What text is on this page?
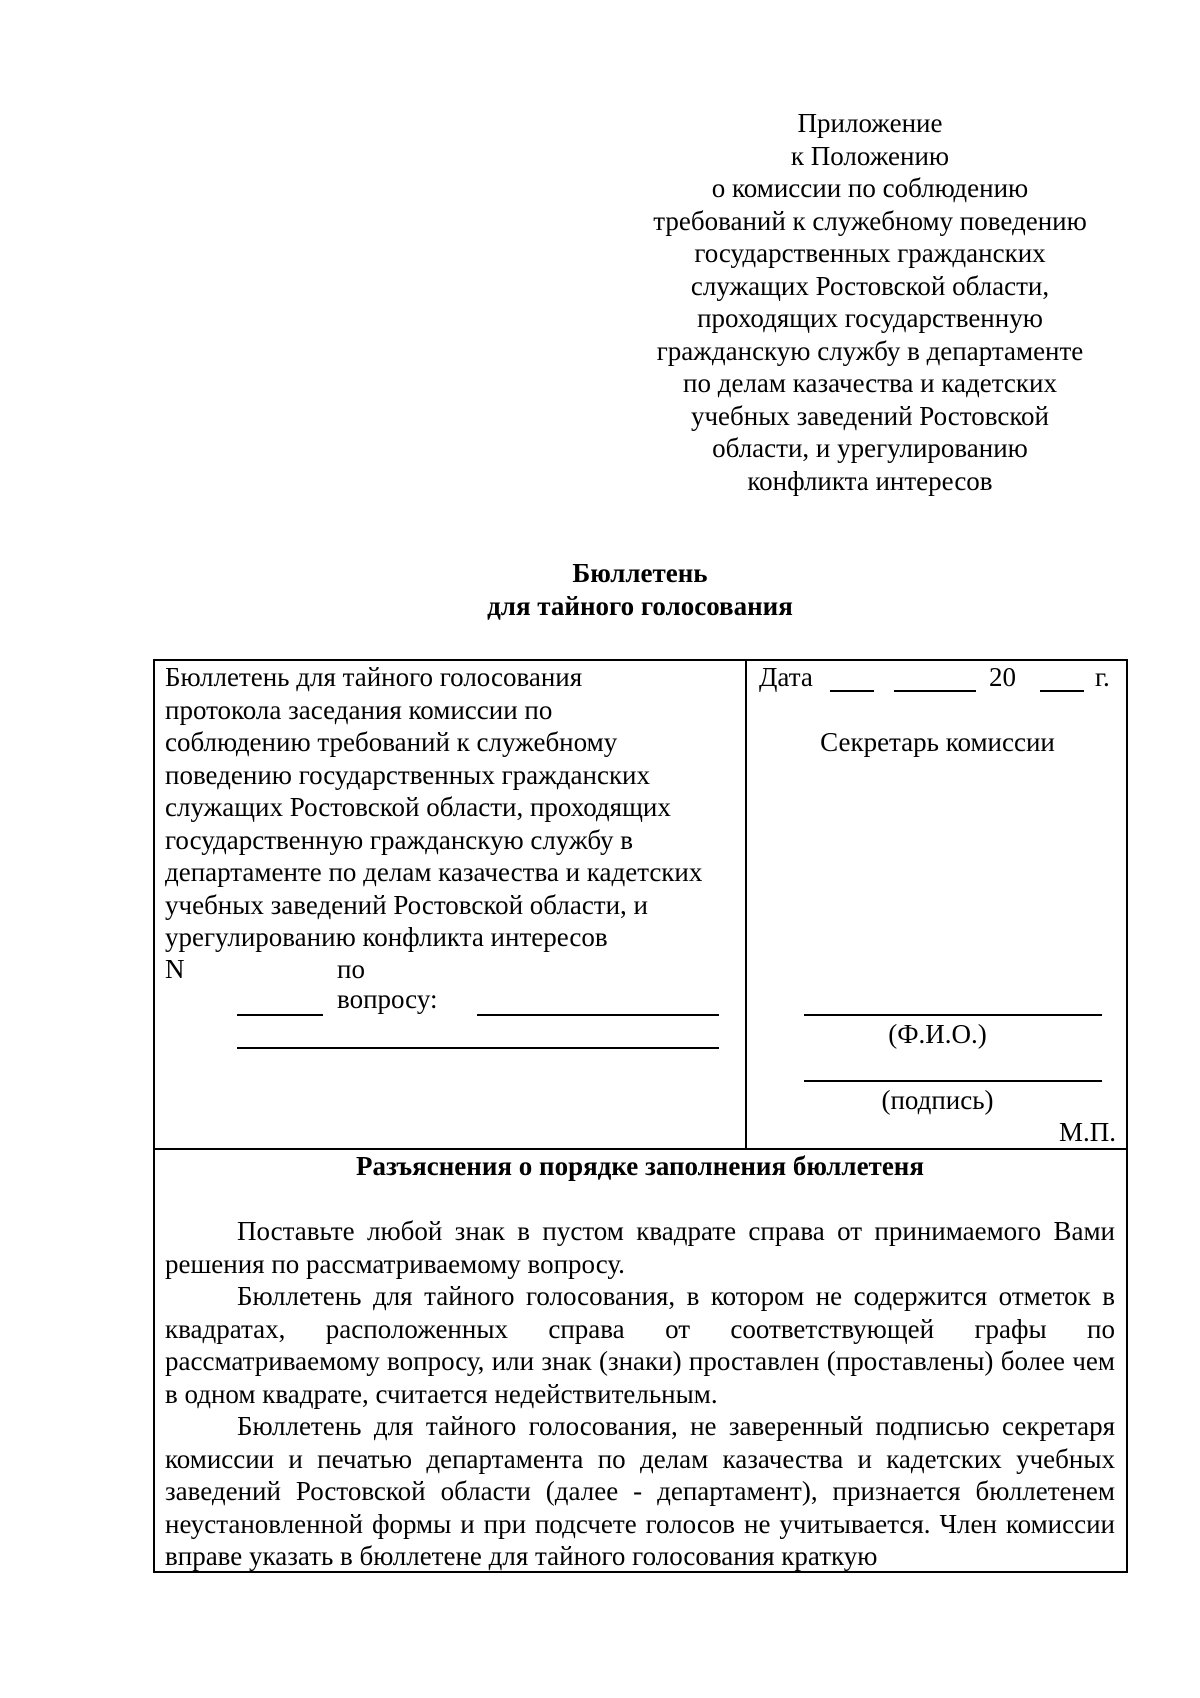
Приложение
к Положению
о комиссии по соблюдению
требований к служебному поведению
государственных гражданских
служащих Ростовской области,
проходящих государственную
гражданскую службу в департаменте
по делам казачества и кадетских
учебных заведений Ростовской
области, и урегулированию
конфликта интересов
Бюллетень
для тайного голосования
Бюллетень для тайного голосования
протокола заседания комиссии по
соблюдению требований к служебному
поведению государственных гражданских
служащих Ростовской области, проходящих
государственную гражданскую службу в
департаменте по делам казачества и кадетских
учебных заведений Ростовской области, и
урегулированию конфликта интересов
N	по
вопросу:
Дата	20	г.
Секретарь комиссии
(Ф.И.О.)
(подпись)
М.П.
Разъяснения о порядке заполнения бюллетеня

Поставьте любой знак в пустом квадрате справа от принимаемого Вами решения по рассматриваемому вопросу.

Бюллетень для тайного голосования, в котором не содержится отметок в квадратах, расположенных справа от соответствующей графы по рассматриваемому вопросу, или знак (знаки) проставлен (проставлены) более чем в одном квадрате, считается недействительным.

Бюллетень для тайного голосования, не заверенный подписью секретаря комиссии и печатью департамента по делам казачества и кадетских учебных заведений Ростовской области (далее - департамент), признается бюллетенем неустановленной формы и при подсчете голосов не учитывается. Член комиссии вправе указать в бюллетене для тайного голосования краткую
